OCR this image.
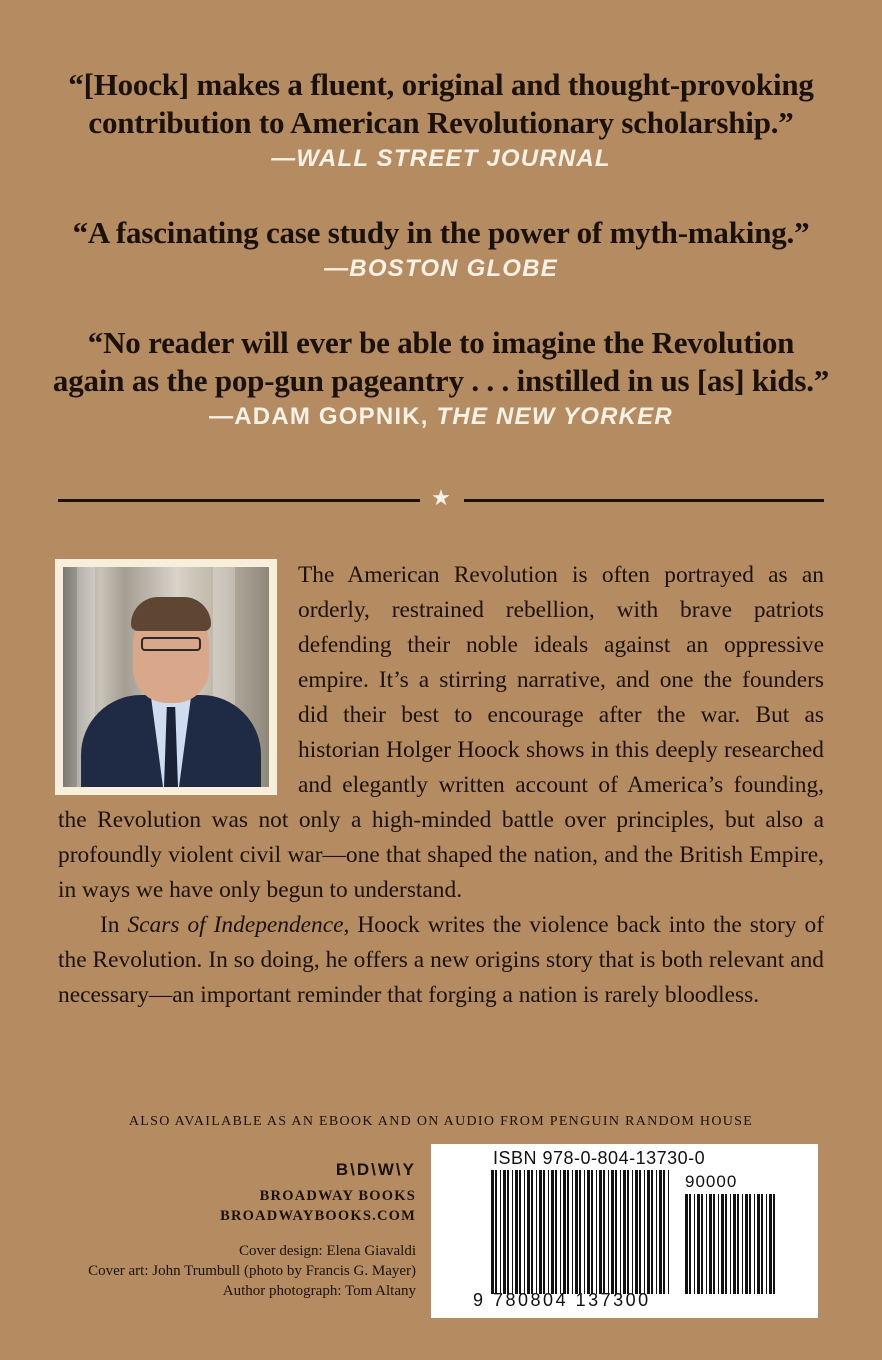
“[Hoock] makes a fluent, original and thought-provoking
contribution to American Revolutionary scholarship.”
—WALL STREET JOURNAL
“A fascinating case study in the power of myth-making.”
—BOSTON GLOBE
“No reader will ever be able to imagine the Revolution
again as the pop-gun pageantry . . . instilled in us [as] kids.”
—ADAM GOPNIK, THE NEW YORKER
★

The American Revolution is often portrayed as an orderly, restrained rebellion, with brave patriots defending their noble ideals against an oppressive empire. It’s a stirring narrative, and one the founders did their best to encourage after the war. But as historian Holger Hoock shows in this deeply researched and elegantly written account of America’s founding, the Revolution was not only a high-minded battle over principles, but also a profoundly violent civil war—one that shaped the nation, and the British Empire, in ways we have only begun to understand.

In Scars of Independence, Hoock writes the violence back into the story of the Revolution. In so doing, he offers a new origins story that is both relevant and necessary—an important reminder that forging a nation is rarely bloodless.

ALSO AVAILABLE AS AN EBOOK AND ON AUDIO FROM PENGUIN RANDOM HOUSE
B\D\W\Y
BROADWAY BOOKS
BROADWAYBOOKS.COM
Cover design: Elena Giavaldi
Cover art: John Trumbull (photo by Francis G. Mayer)
Author photograph: Tom Altany
ISBN 978-0-804-13730-0
90000
9 780804 137300
